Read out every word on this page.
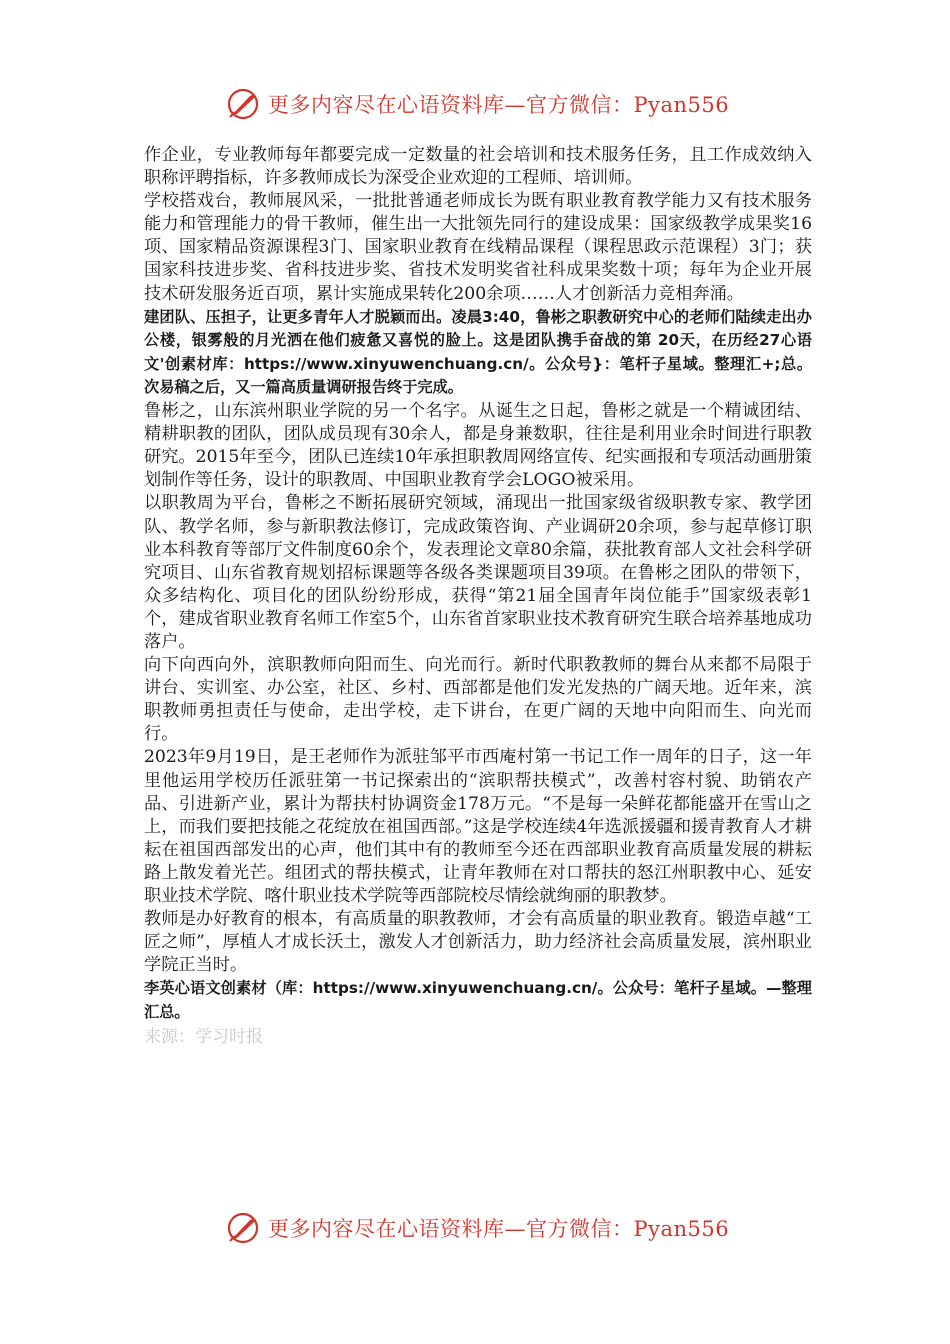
更多内容尽在心语资料库—官方微信：Pyan556

作企业，专业教师每年都要完成一定数量的社会培训和技术服务任务，且工作成效纳入职称评聘指标，许多教师成长为深受企业欢迎的工程师、培训师。

学校搭戏台，教师展风采，一批批普通老师成长为既有职业教育教学能力又有技术服务能力和管理能力的骨干教师，催生出一大批领先同行的建设成果：国家级教学成果奖16项、国家精品资源课程3门、国家职业教育在线精品课程（课程思政示范课程）3门；获国家科技进步奖、省科技进步奖、省技术发明奖省社科成果奖数十项；每年为企业开展技术研发服务近百项，累计实施成果转化200余项……人才创新活力竞相奔涌。

建团队、压担子，让更多青年人才脱颖而出。凌晨3:40，鲁彬之职教研究中心的老师们陆续走出办公楼，银雾般的月光洒在他们疲惫又喜悦的脸上。这是团队携手奋战的第 20天，在历经27心语文'创素材库：https://www.xinyuwenchuang.cn/。公众号}：笔杆子星域。整理汇+;总。次易稿之后，又一篇高质量调研报告终于完成。

鲁彬之，山东滨州职业学院的另一个名字。从诞生之日起，鲁彬之就是一个精诚团结、精耕职教的团队，团队成员现有30余人，都是身兼数职，往往是利用业余时间进行职教研究。2015年至今，团队已连续10年承担职教周网络宣传、纪实画报和专项活动画册策划制作等任务，设计的职教周、中国职业教育学会LOGO被采用。

以职教周为平台，鲁彬之不断拓展研究领域，涌现出一批国家级省级职教专家、教学团队、教学名师，参与新职教法修订，完成政策咨询、产业调研20余项，参与起草修订职业本科教育等部厅文件制度60余个，发表理论文章80余篇，获批教育部人文社会科学研究项目、山东省教育规划招标课题等各级各类课题项目39项。在鲁彬之团队的带领下，众多结构化、项目化的团队纷纷形成，获得“第21届全国青年岗位能手”国家级表彰1个，建成省职业教育名师工作室5个，山东省首家职业技术教育研究生联合培养基地成功落户。

向下向西向外，滨职教师向阳而生、向光而行。新时代职教教师的舞台从来都不局限于讲台、实训室、办公室，社区、乡村、西部都是他们发光发热的广阔天地。近年来，滨职教师勇担责任与使命，走出学校，走下讲台，在更广阔的天地中向阳而生、向光而行。

2023年9月19日，是王老师作为派驻邹平市西庵村第一书记工作一周年的日子，这一年里他运用学校历任派驻第一书记探索出的“滨职帮扶模式”，改善村容村貌、助销农产品、引进新产业，累计为帮扶村协调资金178万元。“不是每一朵鲜花都能盛开在雪山之上，而我们要把技能之花绽放在祖国西部。”这是学校连续4年选派援疆和援青教育人才耕耘在祖国西部发出的心声，他们其中有的教师至今还在西部职业教育高质量发展的耕耘路上散发着光芒。组团式的帮扶模式，让青年教师在对口帮扶的怒江州职教中心、延安职业技术学院、喀什职业技术学院等西部院校尽情绘就绚丽的职教梦。

教师是办好教育的根本，有高质量的职教教师，才会有高质量的职业教育。锻造卓越“工匠之师”，厚植人才成长沃土，激发人才创新活力，助力经济社会高质量发展，滨州职业学院正当时。

李英心语文创素材（库：https://www.xinyuwenchuang.cn/。公众号：笔杆子星域。—整理汇总。

来源：学习时报

更多内容尽在心语资料库—官方微信：Pyan556
